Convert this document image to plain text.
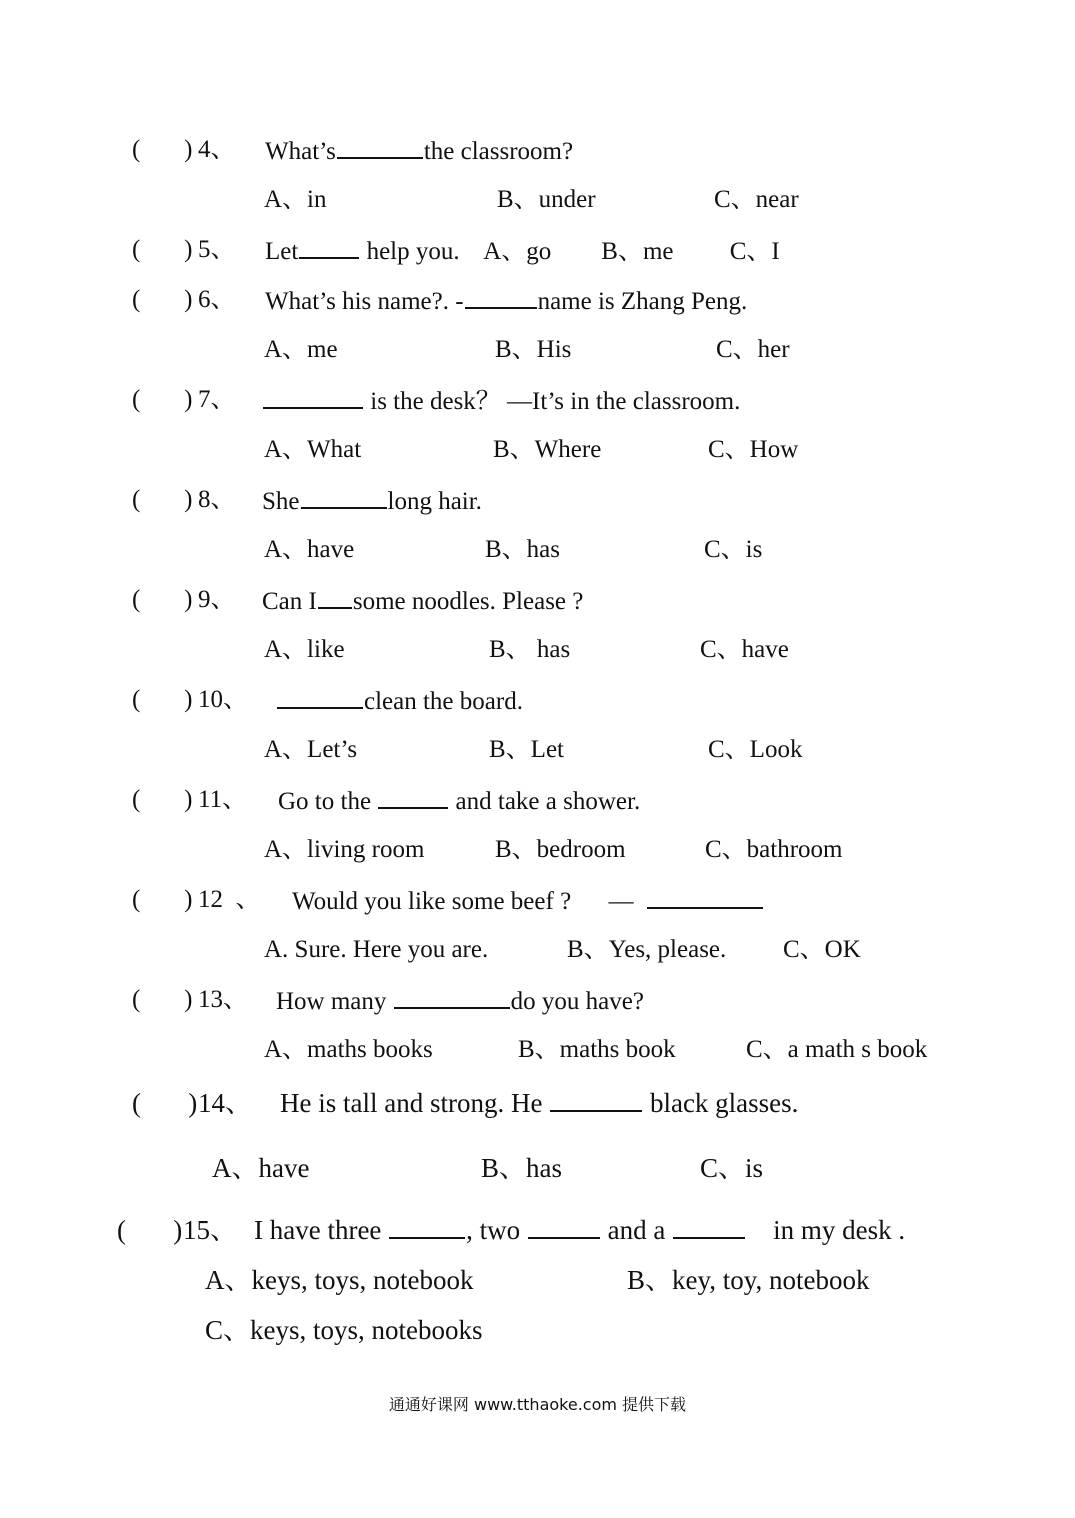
(       ) 4、 What’s	the classroom?
A、in	B、under	C、near
(       ) 5、 Let help you.    A、go        B、me         C、I
(       ) 6、 What’s his name?. -	name is Zhang Peng.
A、me	B、His	C、her
(       ) 7、	is the desk？ —It’s in the classroom.
A、What	B、Where	C、How
(       ) 8、 She	long hair.
A、have	B、has	C、is
(       ) 9、 Can I some noodles. Please ?
A、like	B、 has	C、have
(       ) 10、	clean the board.
A、Let’s	B、Let	C、Look
(       ) 11、 Go to the	and take a shower.
A、living room	B、bedroom	C、bathroom
(       ) 12  、 Would you like some beef ?      —
A. Sure. Here you are.	B、Yes, please. C、OK
(       ) 13、 How many	do you have?
A、maths books	B、maths book	C、a math s book
(       ) 14、 He is tall and strong. He	black glasses.
A、have	B、has	C、is
(       ) 15、 I have three	, two	and a	in my desk .
A、keys, toys, notebook	B、key, toy, notebook
C、keys, toys, notebooks
通通好课网 www.tthaoke.com 提供下载
